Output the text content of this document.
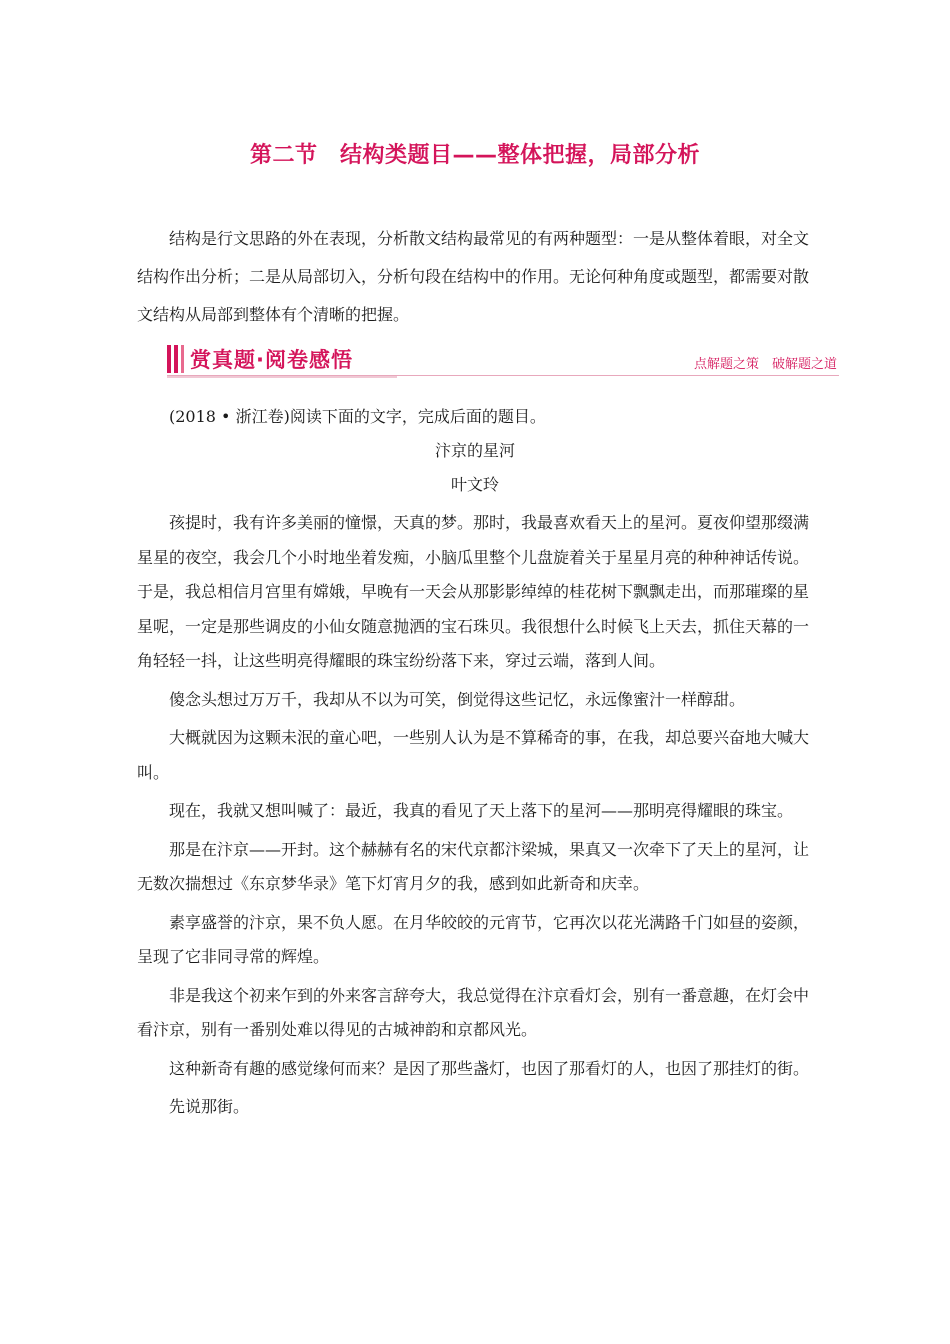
第二节　结构类题目——整体把握，局部分析

结构是行文思路的外在表现，分析散文结构最常见的有两种题型：一是从整体着眼，对全文结构作出分析；二是从局部切入，分析句段在结构中的作用。无论何种角度或题型，都需要对散文结构从局部到整体有个清晰的把握。

赏真题·阅卷感悟	点解题之策　破解题之道

(2018 • 浙江卷)阅读下面的文字，完成后面的题目。

汴京的星河

叶文玲

孩提时，我有许多美丽的憧憬，天真的梦。那时，我最喜欢看天上的星河。夏夜仰望那缀满星星的夜空，我会几个小时地坐着发痴，小脑瓜里整个儿盘旋着关于星星月亮的种种神话传说。于是，我总相信月宫里有嫦娥，早晚有一天会从那影影绰绰的桂花树下飘飘走出，而那璀璨的星星呢，一定是那些调皮的小仙女随意抛洒的宝石珠贝。我很想什么时候飞上天去，抓住天幕的一角轻轻一抖，让这些明亮得耀眼的珠宝纷纷落下来，穿过云端，落到人间。

傻念头想过万万千，我却从不以为可笑，倒觉得这些记忆，永远像蜜汁一样醇甜。

大概就因为这颗未泯的童心吧，一些别人认为是不算稀奇的事，在我，却总要兴奋地大喊大叫。

现在，我就又想叫喊了：最近，我真的看见了天上落下的星河——那明亮得耀眼的珠宝。

那是在汴京——开封。这个赫赫有名的宋代京都汴梁城，果真又一次牵下了天上的星河，让无数次揣想过《东京梦华录》笔下灯宵月夕的我，感到如此新奇和庆幸。

素享盛誉的汴京，果不负人愿。在月华皎皎的元宵节，它再次以花光满路千门如昼的姿颜，呈现了它非同寻常的辉煌。

非是我这个初来乍到的外来客言辞夸大，我总觉得在汴京看灯会，别有一番意趣，在灯会中看汴京，别有一番别处难以得见的古城神韵和京都风光。

这种新奇有趣的感觉缘何而来？是因了那些盏灯，也因了那看灯的人，也因了那挂灯的街。

先说那街。
